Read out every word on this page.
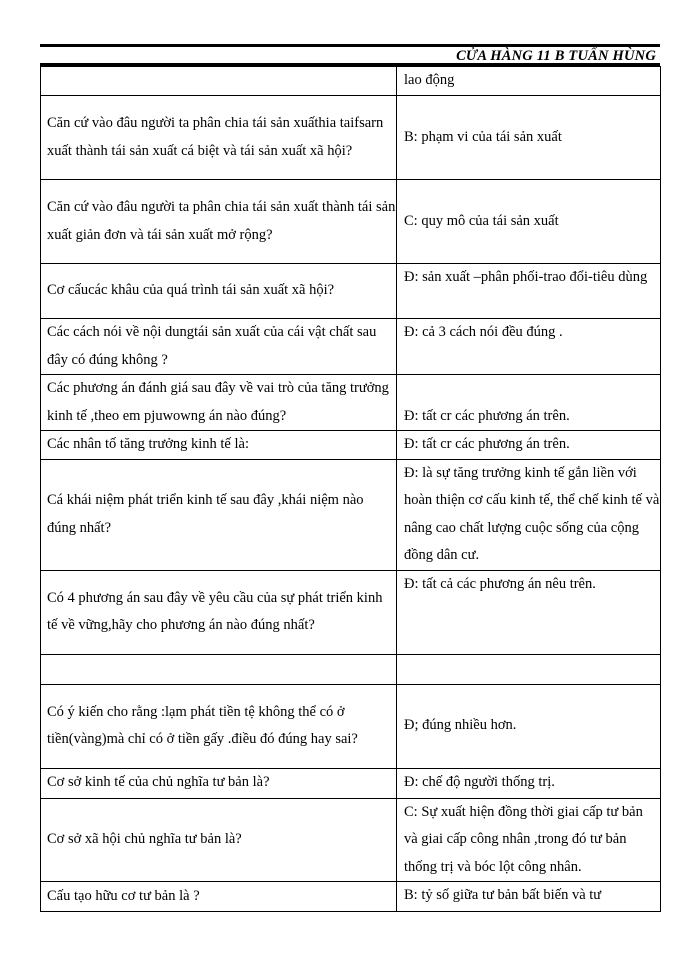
CỬA HÀNG 11 B TUẤN HÙNG
	lao động
Căn cứ vào đâu người ta phân chia tái sản xuấthia taifsarn xuất thành tái sản xuất cá biệt và tái sản xuất xã hội?	B: phạm vi của tái sản xuất
Căn cứ vào đâu người ta phân chia tái sản xuất thành tái sản xuất giản đơn và tái sản xuất mở rộng?	C: quy mô của tái sản xuất
Cơ cấucác khâu của quá trình tái sản xuất xã hội?	Đ: sản xuất –phân phối-trao đổi-tiêu dùng
Các cách nói về nội dungtái sản xuất của cái vật chất sau đây có đúng không ?	Đ: cả 3 cách nói đều đúng .
Các phương án đánh giá sau đây về vai trò của tăng trưởng kinh tế ,theo em pjuwowng án nào đúng?	Đ: tất cr các phương án trên.
Các nhân tố tăng trưởng kinh tế là:	Đ: tất cr các phương án trên.
Cá khái niệm phát triển kinh tế sau đây ,khái niệm nào đúng nhất?	Đ: là sự tăng trưởng kinh tế gắn liền với hoàn thiện cơ cấu kinh tế, thể chế kinh tế và nâng cao chất lượng cuộc sống của cộng đồng dân cư.
Có 4 phương án sau đây về yêu cầu của sự phát triển kinh tế về vững,hãy cho phương án nào đúng nhất?	Đ: tất cả các phương án nêu trên.

Có ý kiến cho rằng :lạm phát tiền tệ không thể có ở tiền(vàng)mà chỉ có ở tiền gấy .điều đó đúng hay sai?	Đ; đúng nhiều hơn.
Cơ sở kinh tế của chủ nghĩa tư bản là?	Đ: chế độ người thống trị.
Cơ sở xã hội chủ nghĩa tư bản là?	C: Sự xuất hiện đồng thời giai cấp tư bản và giai cấp công nhân ,trong đó tư bản thống trị và bóc lột công nhân.
Cấu tạo hữu cơ tư bản là ?	B: tỷ số giữa tư bản bất biến và tư
